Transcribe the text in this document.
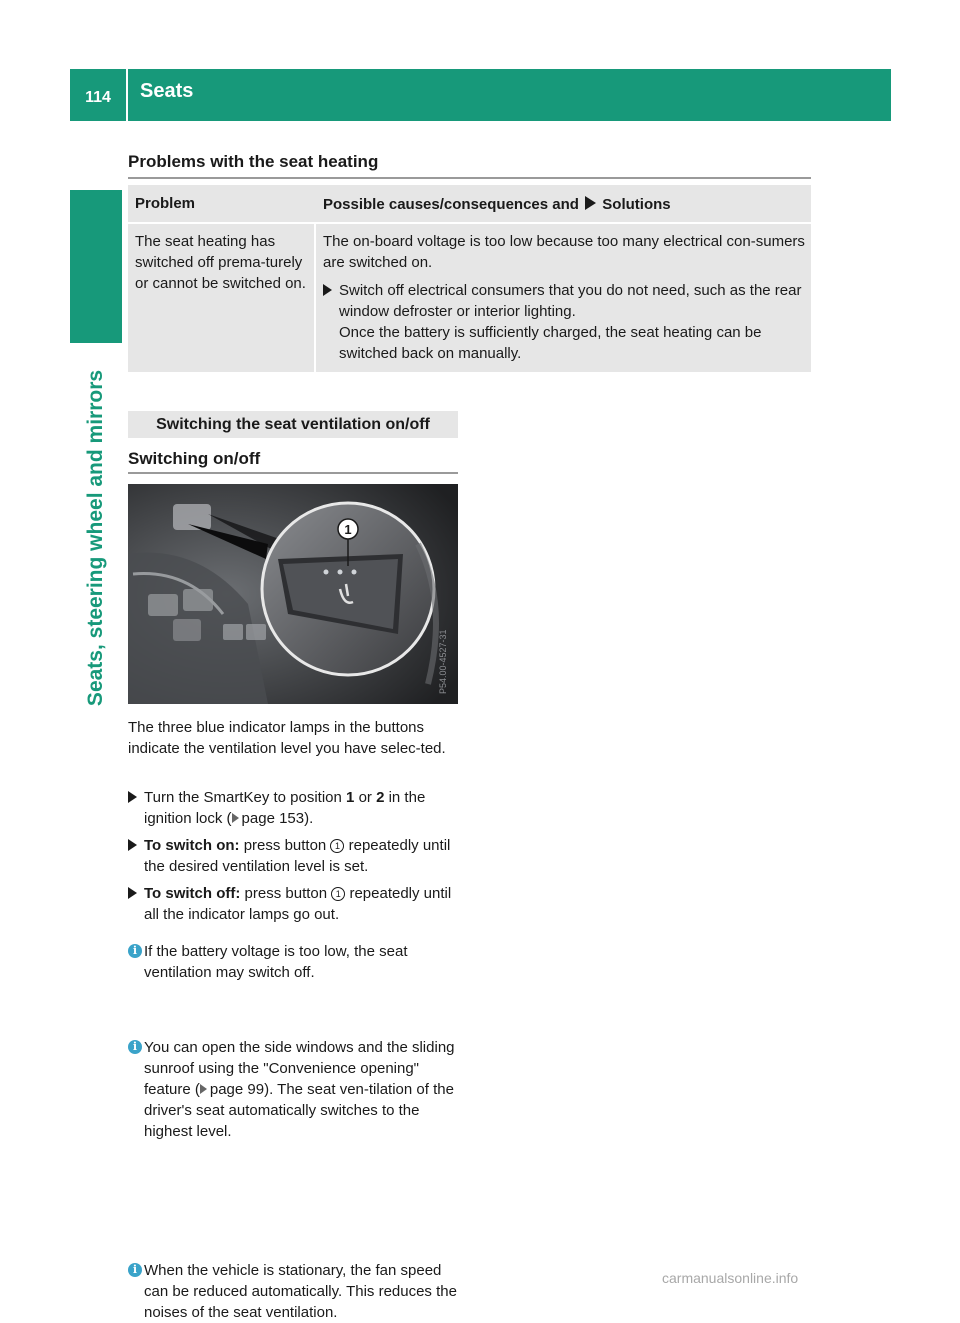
114	Seats
Seats, steering wheel and mirrors
Problems with the seat heating
Problem	Possible causes/consequences and Solutions
The seat heating has switched off prema-turely or cannot be switched on.
The on-board voltage is too low because too many electrical con-sumers are switched on.
Switch off electrical consumers that you do not need, such as the rear window defroster or interior lighting.
Once the battery is sufficiently charged, the seat heating can be switched back on manually.
Switching the seat ventilation on/off
Switching on/off
1
P54.00-4527-31
The three blue indicator lamps in the buttons indicate the ventilation level you have selec-ted.
Turn the SmartKey to position 1 or 2 in the ignition lock ( page 153).
To switch on: press button 1 repeatedly until the desired ventilation level is set.
To switch off: press button 1 repeatedly until all the indicator lamps go out.
i If the battery voltage is too low, the seat ventilation may switch off.
i You can open the side windows and the sliding sunroof using the "Convenience opening" feature ( page 99). The seat ven-tilation of the driver's seat automatically switches to the highest level.
i When the vehicle is stationary, the fan speed can be reduced automatically. This reduces the noises of the seat ventilation.
carmanualsonline.info
